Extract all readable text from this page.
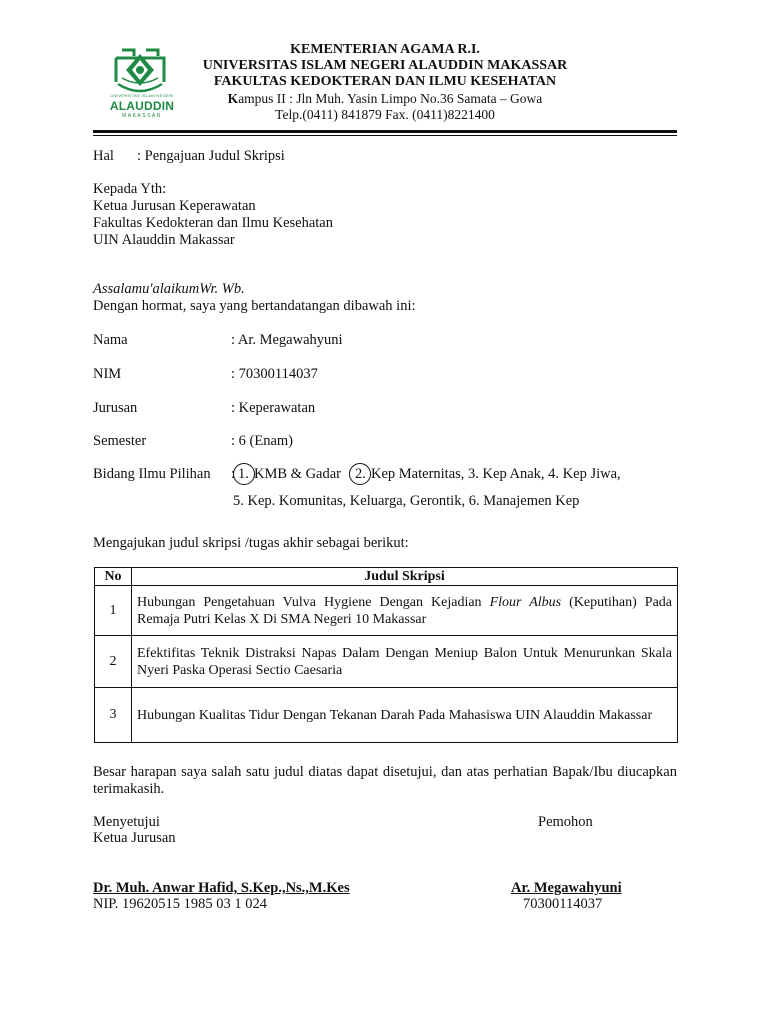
UNIVERSITAS ISLAM NEGERI
ALAUDDIN
MAKASSAR
KEMENTERIAN AGAMA R.I.
UNIVERSITAS ISLAM NEGERI ALAUDDIN MAKASSAR
FAKULTAS KEDOKTERAN DAN ILMU KESEHATAN
Kampus II : Jln Muh. Yasin Limpo No.36 Samata – Gowa
Telp.(0411) 841879 Fax. (0411)8221400
Hal : Pengajuan Judul Skripsi
Kepada Yth:
Ketua Jurusan Keperawatan
Fakultas Kedokteran dan Ilmu Kesehatan
UIN Alauddin Makassar
Assalamu'alaikumWr. Wb.
Dengan hormat, saya yang bertandatangan dibawah ini:
Nama	: Ar. Megawahyuni
NIM	: 70300114037
Jurusan	: Keperawatan
Semester	: 6 (Enam)
Bidang Ilmu Pilihan : 1. KMB & Gadar 2. Kep Maternitas, 3. Kep Anak, 4. Kep Jiwa,
5. Kep. Komunitas, Keluarga, Gerontik, 6. Manajemen Kep
Mengajukan judul skripsi /tugas akhir sebagai berikut:
No	Judul Skripsi
1	Hubungan Pengetahuan Vulva Hygiene Dengan Kejadian Flour Albus (Keputihan) Pada Remaja Putri Kelas X Di SMA Negeri 10 Makassar
2	Efektifitas Teknik Distraksi Napas Dalam Dengan Meniup Balon Untuk Menurunkan Skala Nyeri Paska Operasi Sectio Caesaria
3	Hubungan Kualitas Tidur Dengan Tekanan Darah Pada Mahasiswa UIN Alauddin Makassar
Besar harapan saya salah satu judul diatas dapat disetujui, dan atas perhatian Bapak/Ibu diucapkan terimakasih.
Menyetujui
Ketua Jurusan
Dr. Muh. Anwar Hafid, S.Kep.,Ns.,M.Kes
NIP. 19620515 1985 03 1 024
Pemohon
Ar. Megawahyuni
70300114037
